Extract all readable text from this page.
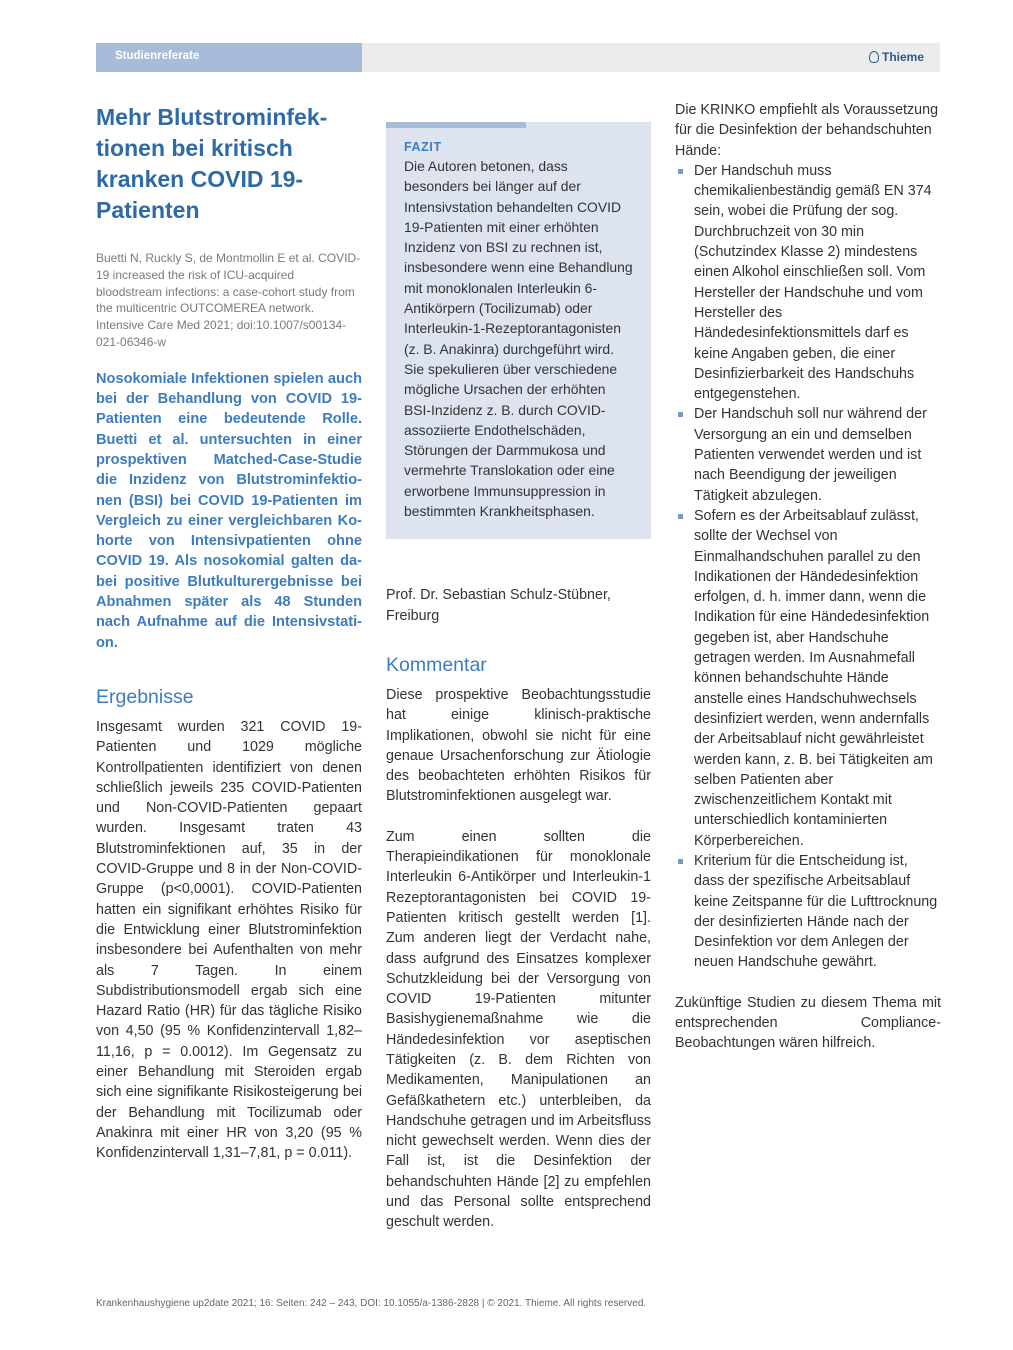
Studienreferate	Thieme
Mehr Blutstrominfek-tionen bei kritisch kranken COVID 19-Patienten

Buetti N, Ruckly S, de Montmollin E et al. COVID-19 increased the risk of ICU-acquired bloodstream infections: a case-cohort study from the multicentric OUTCOMEREA network. Intensive Care Med 2021; doi:10.1007/s00134-021-06346-w

Nosokomiale Infektionen spielen auch bei der Behandlung von COVID 19-Patienten eine bedeutende Rolle. Buetti et al. untersuchten in einer prospektiven Matched-Case-Studie die Inzidenz von Blutstrominfektio-nen (BSI) bei COVID 19-Patienten im Vergleich zu einer vergleichbaren Ko-horte von Intensivpatienten ohne COVID 19. Als nosokomial galten da-bei positive Blutkulturergebnisse bei Abnahmen später als 48 Stunden nach Aufnahme auf die Intensivstati-on.

Ergebnisse

Insgesamt wurden 321 COVID 19-Patienten und 1029 mögliche Kontrollpatienten identifiziert von denen schließlich jeweils 235 COVID-Patienten und Non-COVID-Patienten gepaart wurden. Insgesamt traten 43 Blutstrominfektionen auf, 35 in der COVID-Gruppe und 8 in der Non-COVID-Gruppe (p<0,0001). COVID-Patienten hatten ein signifikant erhöhtes Risiko für die Entwicklung einer Blutstrominfektion insbesondere bei Aufenthalten von mehr als 7 Tagen. In einem Subdistributionsmodell ergab sich eine Hazard Ratio (HR) für das tägliche Risiko von 4,50 (95 % Konfidenzintervall 1,82–11,16, p = 0.0012). Im Gegensatz zu einer Behandlung mit Steroiden ergab sich eine signifikante Risikosteigerung bei der Behandlung mit Tocilizumab oder Anakinra mit einer HR von 3,20 (95 % Konfidenzintervall 1,31–7,81, p = 0.011).

FAZIT

Die Autoren betonen, dass besonders bei länger auf der Intensivstation behandelten COVID 19-Patienten mit einer erhöhten Inzidenz von BSI zu rechnen ist, insbesondere wenn eine Behandlung mit monoklonalen Interleukin 6-Antikörpern (Tocilizumab) oder Interleukin-1-Rezeptorantagonisten (z. B. Anakinra) durchgeführt wird.

Sie spekulieren über verschiedene mögliche Ursachen der erhöhten BSI-Inzidenz z. B. durch COVID-assoziierte Endothelschäden, Störungen der Darmmukosa und vermehrte Translokation oder eine erworbene Immunsuppression in bestimmten Krankheitsphasen.

Prof. Dr. Sebastian Schulz-Stübner,

Freiburg

Kommentar

Diese prospektive Beobachtungsstudie hat einige klinisch-praktische Implikationen, obwohl sie nicht für eine genaue Ursachenforschung zur Ätiologie des beobachteten erhöhten Risikos für Blutstrominfektionen ausgelegt war.

Zum einen sollten die Therapieindikationen für monoklonale Interleukin 6-Antikörper und Interleukin-1 Rezeptorantagonisten bei COVID 19-Patienten kritisch gestellt werden [1]. Zum anderen liegt der Verdacht nahe, dass aufgrund des Einsatzes komplexer Schutzkleidung bei der Versorgung von COVID 19-Patienten mitunter Basishygienemaßnahme wie die Händedesinfektion vor aseptischen Tätigkeiten (z. B. dem Richten von Medikamenten, Manipulationen an Gefäßkathetern etc.) unterbleiben, da Handschuhe getragen und im Arbeitsfluss nicht gewechselt werden. Wenn dies der Fall ist, ist die Desinfektion der behandschuhten Hände [2] zu empfehlen und das Personal sollte entsprechend geschult werden.

Die KRINKO empfiehlt als Voraussetzung für die Desinfektion der behandschuhten Hände:

Der Handschuh muss chemikalienbeständig gemäß EN 374 sein, wobei die Prüfung der sog. Durchbruchzeit von 30 min (Schutzindex Klasse 2) mindestens einen Alkohol einschließen soll. Vom Hersteller der Handschuhe und vom Hersteller des Händedesinfektionsmittels darf es keine Angaben geben, die einer Desinfizierbarkeit des Handschuhs entgegenstehen.
Der Handschuh soll nur während der Versorgung an ein und demselben Patienten verwendet werden und ist nach Beendigung der jeweiligen Tätigkeit abzulegen.
Sofern es der Arbeitsablauf zulässt, sollte der Wechsel von Einmalhandschuhen parallel zu den Indikationen der Händedesinfektion erfolgen, d. h. immer dann, wenn die Indikation für eine Händedesinfektion gegeben ist, aber Handschuhe getragen werden. Im Ausnahmefall können behandschuhte Hände anstelle eines Handschuhwechsels desinfiziert werden, wenn andernfalls der Arbeitsablauf nicht gewährleistet werden kann, z. B. bei Tätigkeiten am selben Patienten aber zwischenzeitlichem Kontakt mit unterschiedlich kontaminierten Körperbereichen.
Kriterium für die Entscheidung ist, dass der spezifische Arbeitsablauf keine Zeitspanne für die Lufttrocknung der desinfizierten Hände nach der Desinfektion vor dem Anlegen der neuen Handschuhe gewährt.

Zukünftige Studien zu diesem Thema mit entsprechenden Compliance-Beobachtungen wären hilfreich.

Krankenhaushygiene up2date 2021; 16: Seiten: 242 – 243, DOI: 10.1055/a-1386-2828 | © 2021. Thieme. All rights reserved.
